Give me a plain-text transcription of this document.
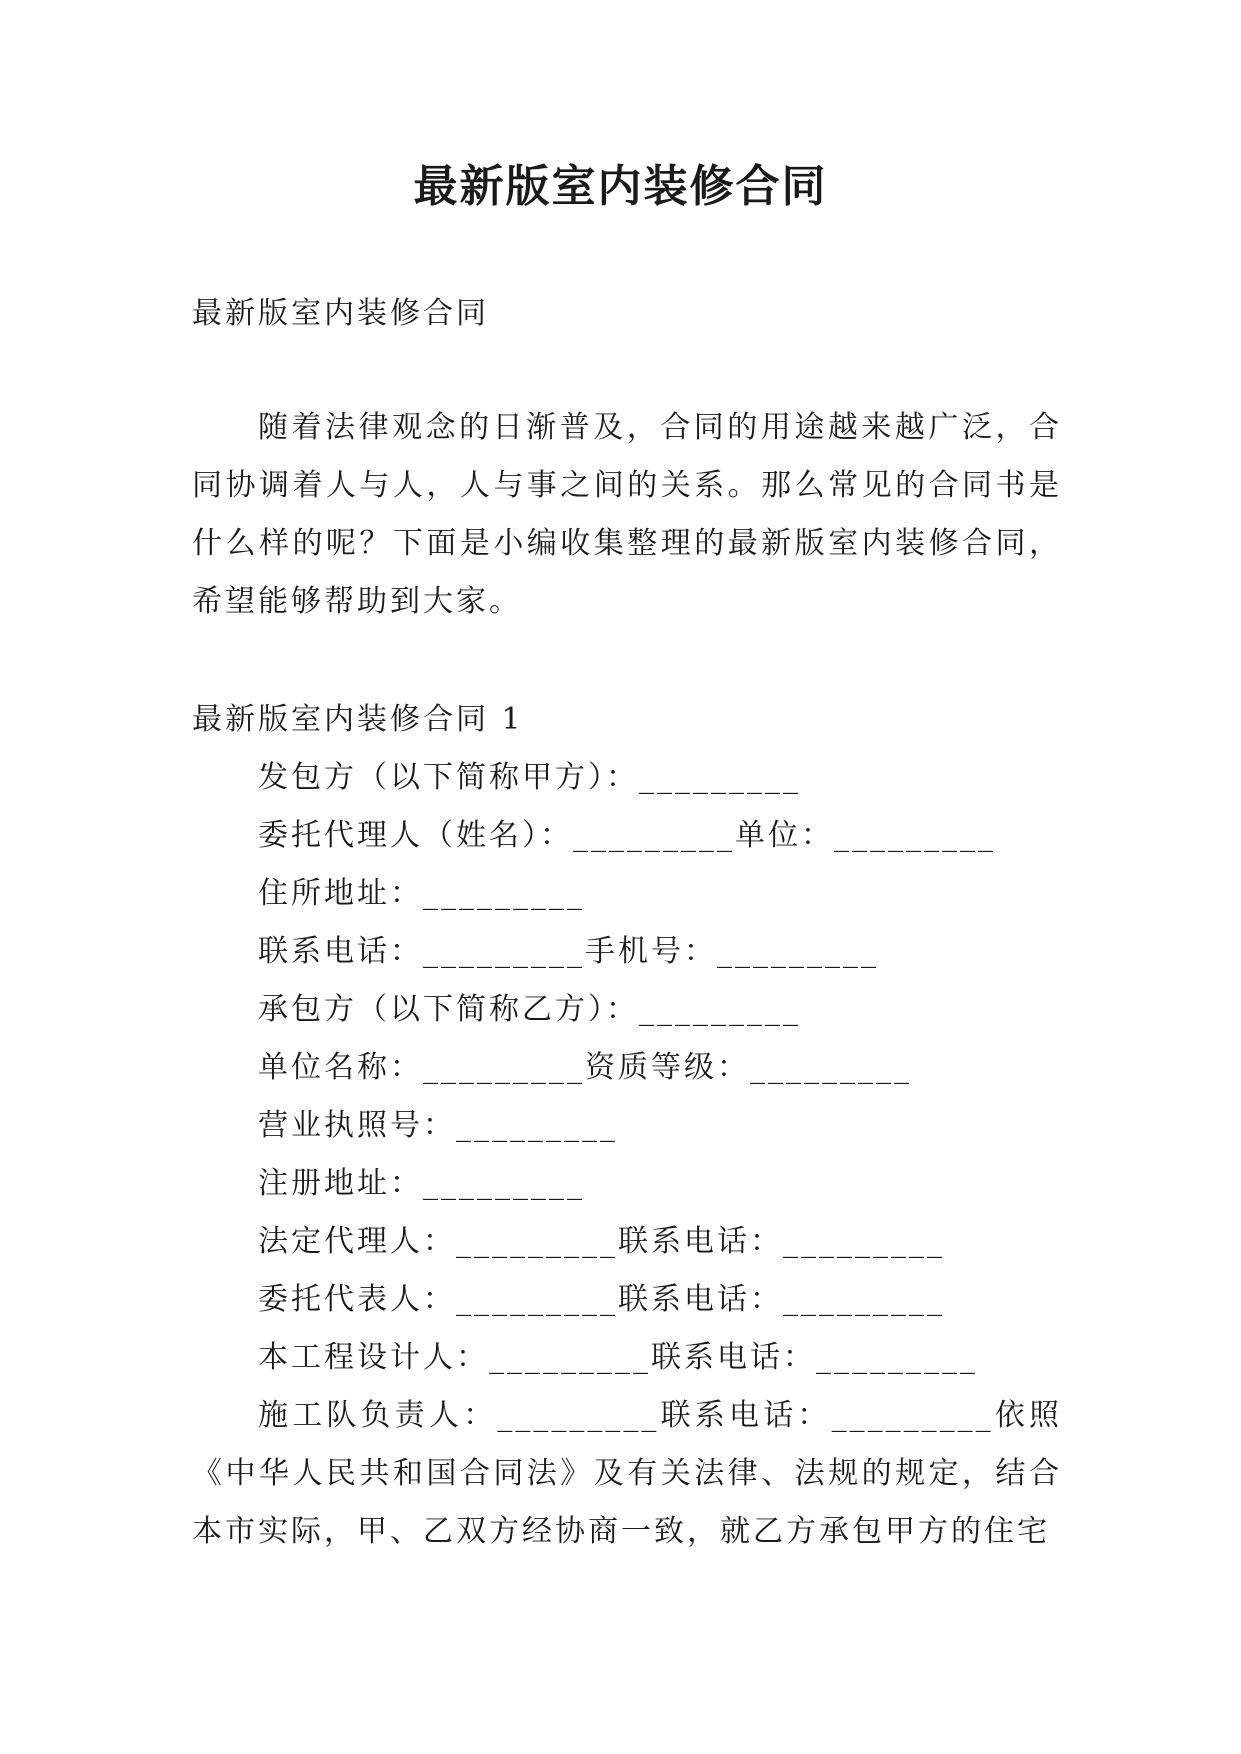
最新版室内装修合同

最新版室内装修合同

随着法律观念的日渐普及，合同的用途越来越广泛，合同协调着人与人，人与事之间的关系。那么常见的合同书是什么样的呢？下面是小编收集整理的最新版室内装修合同，希望能够帮助到大家。

最新版室内装修合同 1

发包方（以下简称甲方）：_________

委托代理人（姓名）：_________单位：_________

住所地址：_________

联系电话：_________手机号：_________

承包方（以下简称乙方）：_________

单位名称：_________资质等级：_________

营业执照号：_________

注册地址：_________

法定代理人：_________联系电话：_________

委托代表人：_________联系电话：_________

本工程设计人：_________联系电话：_________

施工队负责人：_________联系电话：_________依照《中华人民共和国合同法》及有关法律、法规的规定，结合本市实际，甲、乙双方经协商一致，就乙方承包甲方的住宅
